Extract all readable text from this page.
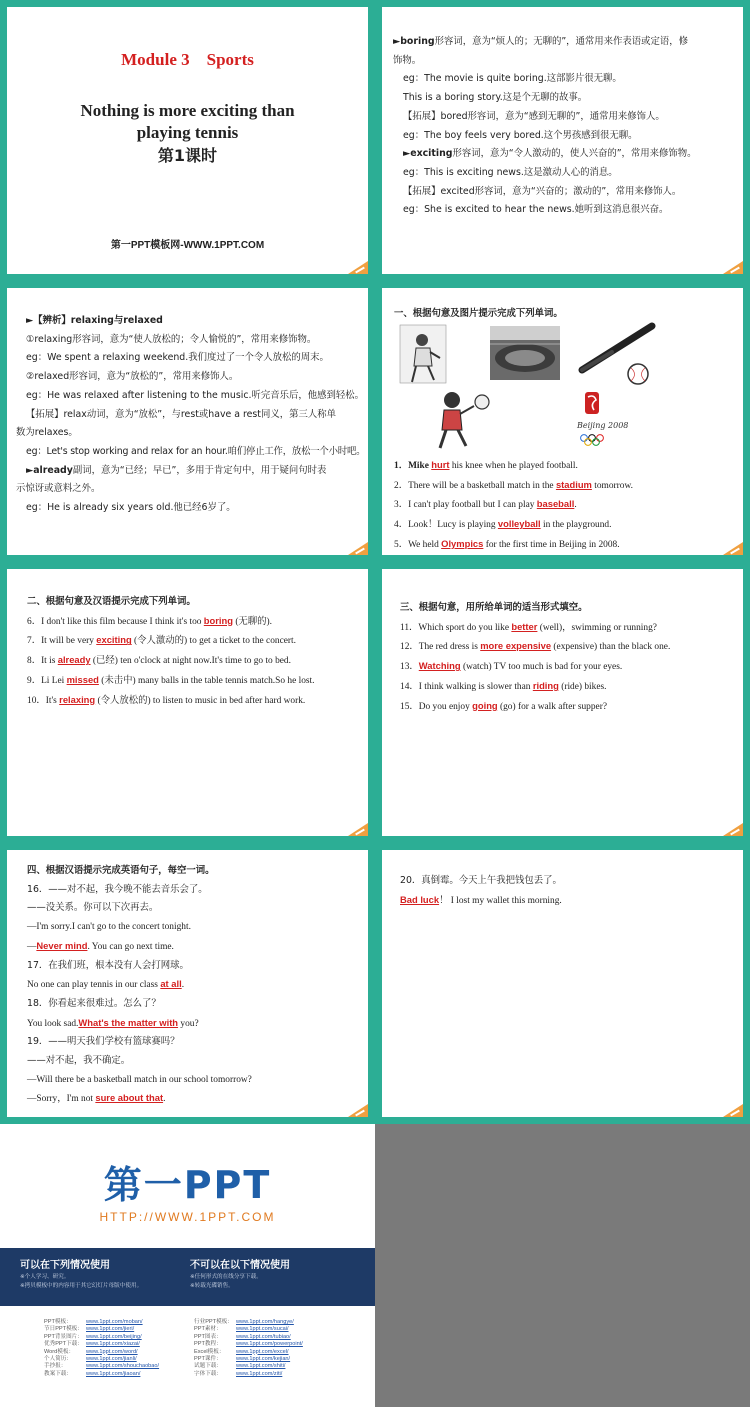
Module 3 Sports
Nothing is more exciting than
playing tennis
第1课时
第一PPT模板网-WWW.1PPT.COM
►boring形容词，意为“烦人的；无聊的”，通常用来作表语或定语，修
饰物。
eg：The movie is quite boring.这部影片很无聊。
This is a boring story.这是个无聊的故事。
【拓展】bored形容词，意为“感到无聊的”，通常用来修饰人。
eg：The boy feels very bored.这个男孩感到很无聊。
►exciting形容词，意为“令人激动的，使人兴奋的”，常用来修饰物。
eg：This is exciting news.这是激动人心的消息。
【拓展】excited形容词，意为“兴奋的；激动的”，常用来修饰人。
eg：She is excited to hear the news.她听到这消息很兴奋。
►【辨析】relaxing与relaxed
①relaxing形容词，意为“使人放松的；令人愉悦的”，常用来修饰物。
eg：We spent a relaxing weekend.我们度过了一个令人放松的周末。
②relaxed形容词，意为“放松的”，常用来修饰人。
eg：He was relaxed after listening to the music.听完音乐后，他感到轻松。
【拓展】relax动词，意为“放松”，与rest或have a rest同义，第三人称单
数为relaxes。
eg：Let's stop working and relax for an hour.咱们停止工作，放松一个小时吧。
►already副词，意为“已经；早已”，多用于肯定句中，用于疑问句时表
示惊讶或意料之外。
eg：He is already six years old.他已经6岁了。
一、根据句意及图片提示完成下列单词。
Beijing 2008
1．Mike hurt his knee when he played football.
2．There will be a basketball match in the stadium tomorrow.
3．I can't play football but I can play baseball.
4．Look！Lucy is playing volleyball in the playground.
5．We held Olympics for the first time in Beijing in 2008.
二、根据句意及汉语提示完成下列单词。
6．I don't like this film because I think it's too boring (无聊的).
7．It will be very exciting (令人激动的) to get a ticket to the concert.
8．It is already (已经) ten o'clock at night now.It's time to go to bed.
9．Li Lei missed (未击中) many balls in the table tennis match.So he lost.
10．It's relaxing (令人放松的) to listen to music in bed after hard work.
三、根据句意，用所给单词的适当形式填空。
11．Which sport do you like better (well)，swimming or running?
12．The red dress is more expensive (expensive) than the black one.
13．Watching (watch) TV too much is bad for your eyes.
14．I think walking is slower than riding (ride) bikes.
15．Do you enjoy going (go) for a walk after supper?
四、根据汉语提示完成英语句子，每空一词。
16．——对不起，我今晚不能去音乐会了。
——没关系。你可以下次再去。
—I'm sorry.I can't go to the concert tonight.
—Never mind. You can go next time.
17．在我们班，根本没有人会打网球。
No one can play tennis in our class at all.
18．你看起来很难过。怎么了？
You look sad.What's the matter with you?
19．——明天我们学校有篮球赛吗？
——对不起，我不确定。
—Will there be a basketball match in our school tomorrow?
—Sorry，I'm not sure about that.
20．真倒霉。今天上午我把钱包丢了。
Bad luck！ I lost my wallet this morning.
第一PPT
HTTP://WWW.1PPT.COM
可以在下列情况使用
※个人学习、研究。
※拷贝模板中的内容用于其它幻灯片母版中使用。
不可以在以下情况使用
※任何形式的在线分享下载。
※转载光碟销售。
PPT模板：	www.1ppt.com/moban/
节日PPT模板： www.1ppt.com/jieri/
PPT背景图片： www.1ppt.com/beijing/
优秀PPT下载： www.1ppt.com/xiazai/
Word模板： www.1ppt.com/word/
个人简历：	www.1ppt.com/jianli/
手抄报：	www.1ppt.com/shouchaobao/
教案下载：	www.1ppt.com/jiaoan/
行业PPT模板： www.1ppt.com/hangye/
PPT素材：	www.1ppt.com/sucai/
PPT图表：	www.1ppt.com/tubiao/
PPT教程：	www.1ppt.com/powerpoint/
Excel模板： www.1ppt.com/excel/
PPT课件：	www.1ppt.com/kejian/
试题下载：	www.1ppt.com/shiti/
字体下载：	www.1ppt.com/ziti/
